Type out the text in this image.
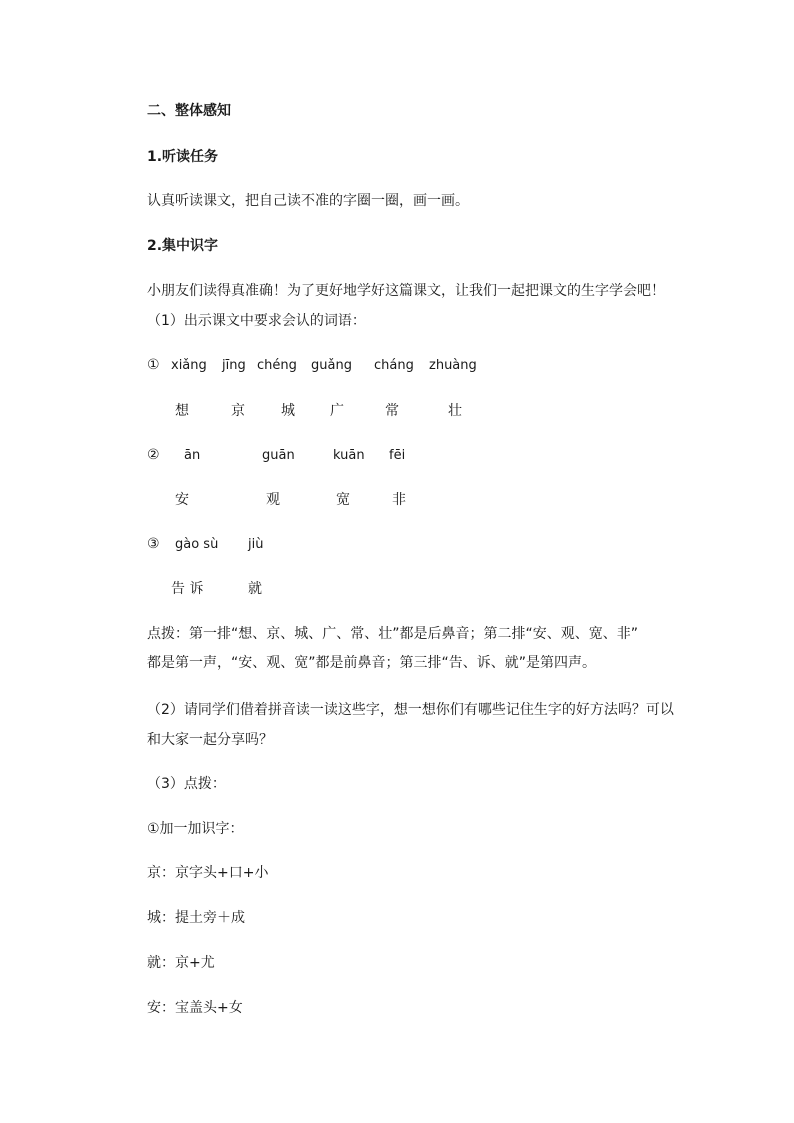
二、整体感知
1.听读任务
认真听读课文，把自己读不准的字圈一圈，画一画。
2.集中识字
小朋友们读得真准确！为了更好地学好这篇课文，让我们一起把课文的生字学会吧！
（1）出示课文中要求会认的词语：
① xiǎng jīng chéng guǎng cháng zhuàng
想	京	城	广	常	壮
② ān	guān	kuān fēi
安	观	宽	非
③ gào sù jiù
告 诉	就
点拨：第一排“想、京、城、广、常、壮”都是后鼻音；第二排“安、观、宽、非”
都是第一声，“安、观、宽”都是前鼻音；第三排“告、诉、就”是第四声。
（2）请同学们借着拼音读一读这些字，想一想你们有哪些记住生字的好方法吗？可以
和大家一起分享吗？
（3）点拨：
①加一加识字：
京：京字头+口+小
城：提土旁＋成
就：京+尤
安：宝盖头+女
